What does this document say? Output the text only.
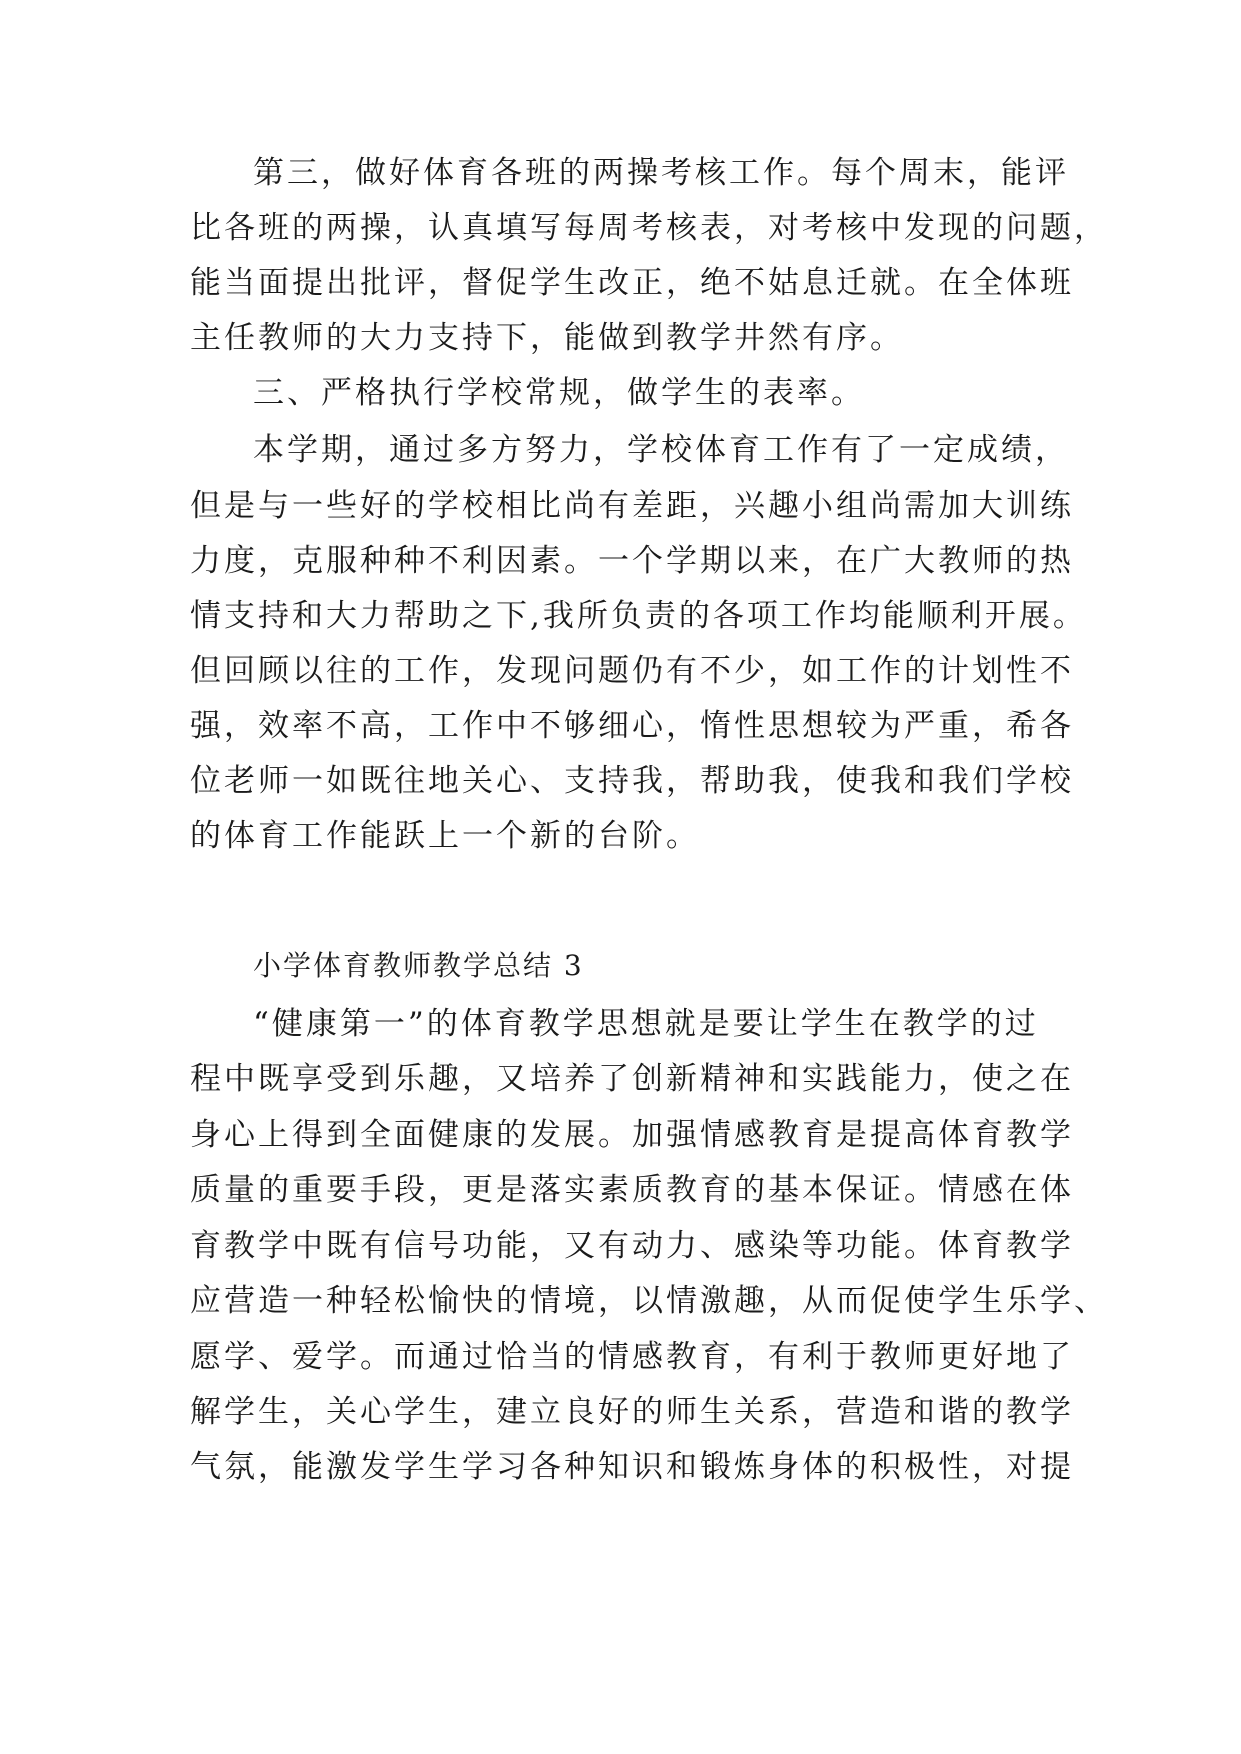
第三，做好体育各班的两操考核工作。每个周末，能评
比各班的两操，认真填写每周考核表，对考核中发现的问题，
能当面提出批评，督促学生改正，绝不姑息迁就。在全体班
主任教师的大力支持下，能做到教学井然有序。
三、严格执行学校常规，做学生的表率。
本学期，通过多方努力，学校体育工作有了一定成绩，
但是与一些好的学校相比尚有差距，兴趣小组尚需加大训练
力度，克服种种不利因素。一个学期以来，在广大教师的热
情支持和大力帮助之下,我所负责的各项工作均能顺利开展。
但回顾以往的工作，发现问题仍有不少，如工作的计划性不
强，效率不高，工作中不够细心，惰性思想较为严重，希各
位老师一如既往地关心、支持我，帮助我，使我和我们学校
的体育工作能跃上一个新的台阶。
小学体育教师教学总结 3
“健康第一”的体育教学思想就是要让学生在教学的过
程中既享受到乐趣，又培养了创新精神和实践能力，使之在
身心上得到全面健康的发展。加强情感教育是提高体育教学
质量的重要手段，更是落实素质教育的基本保证。情感在体
育教学中既有信号功能，又有动力、感染等功能。体育教学
应营造一种轻松愉快的情境，以情激趣，从而促使学生乐学、
愿学、爱学。而通过恰当的情感教育，有利于教师更好地了
解学生，关心学生，建立良好的师生关系，营造和谐的教学
气氛，能激发学生学习各种知识和锻炼身体的积极性，对提
